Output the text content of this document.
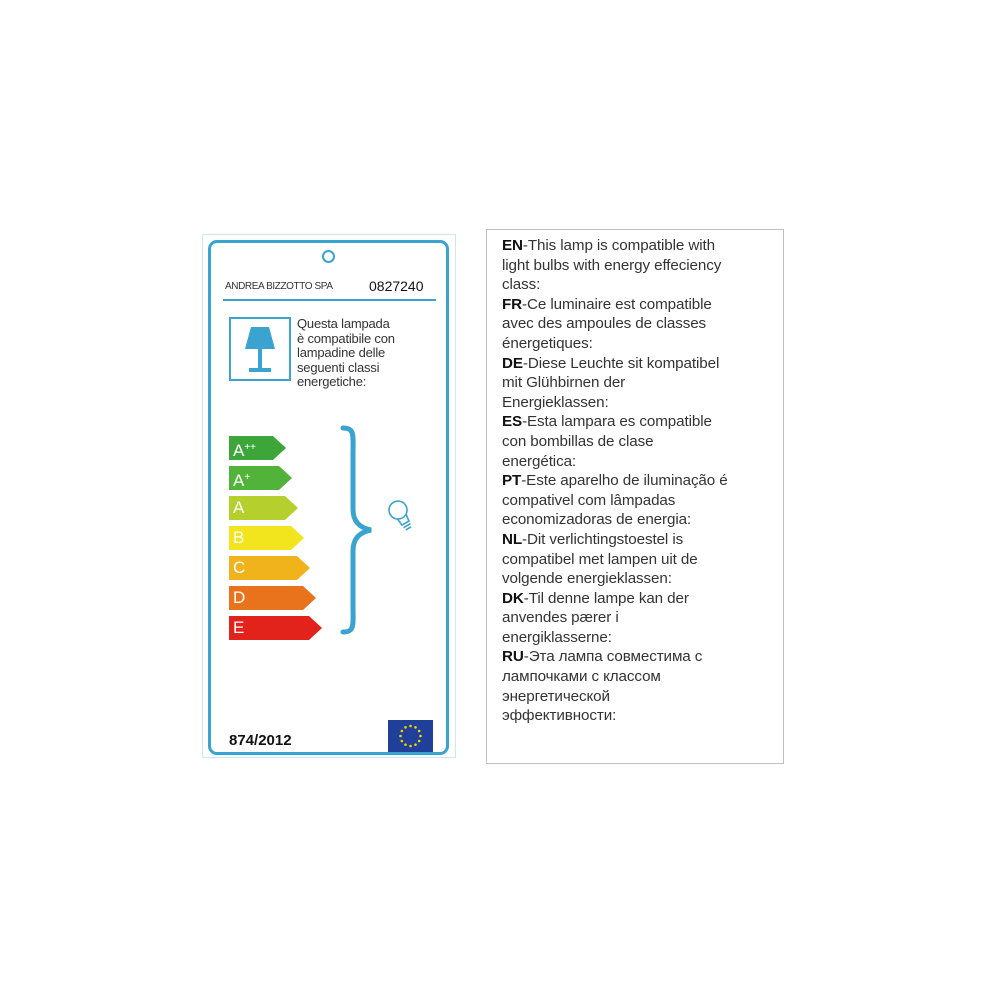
ANDREA BIZZOTTO SPA	0827240
Questa lampada
è compatibile con
lampadine delle
seguenti classi
energetiche:
A++
A+
A
B
C
D
E
874/2012
EN-This lamp is compatible with
light bulbs with energy effeciency
class:
FR-Ce luminaire est compatible
avec des ampoules de classes
énergetiques:
DE-Diese Leuchte sit kompatibel
mit Glühbirnen der
Energieklassen:
ES-Esta lampara es compatible
con bombillas de clase
energética:
PT-Este aparelho de iluminação é
compativel com lâmpadas
economizadoras de energia:
NL-Dit verlichtingstoestel is
compatibel met lampen uit de
volgende energieklassen:
DK-Til denne lampe kan der
anvendes pærer i
energiklasserne:
RU-Эта лампа совместима с
лампочками с классом
энергетической
эффективности:
